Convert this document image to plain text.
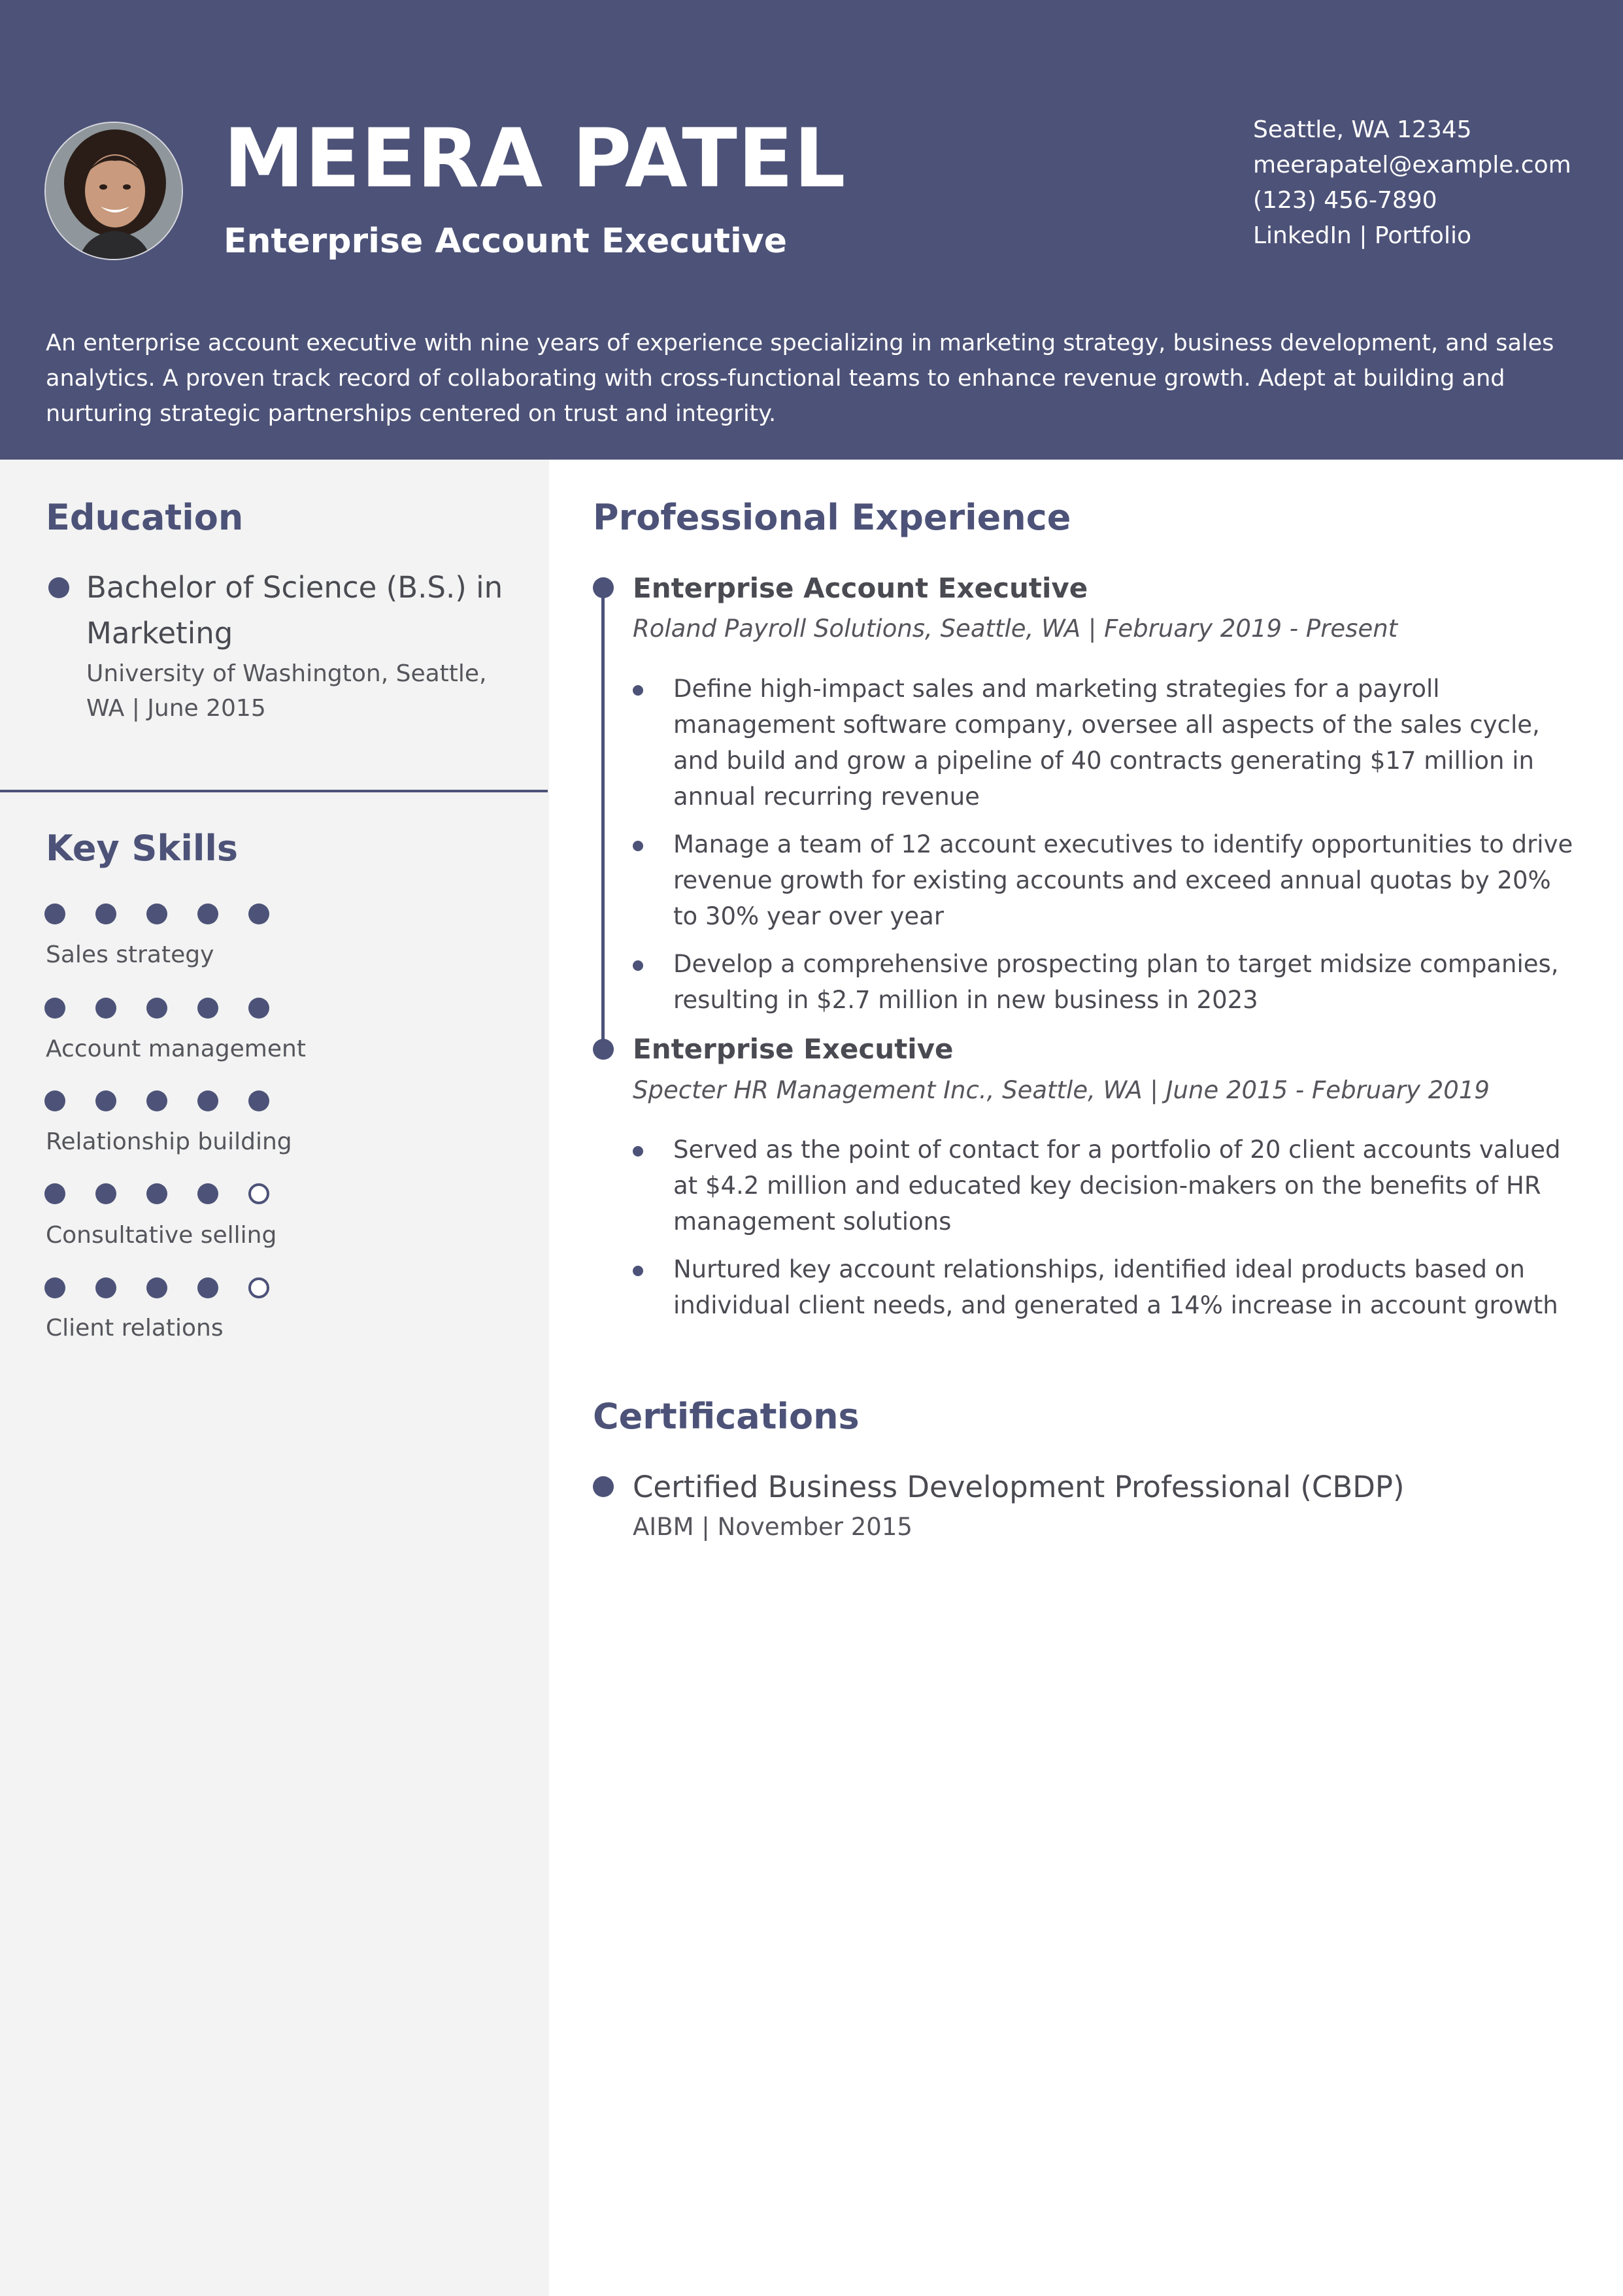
MEERA PATEL
Enterprise Account Executive
Seattle, WA 12345
meerapatel@example.com
(123) 456-7890
LinkedIn | Portfolio
An enterprise account executive with nine years of experience specializing in marketing strategy, business development, and sales analytics. A proven track record of collaborating with cross-functional teams to enhance revenue growth. Adept at building and nurturing strategic partnerships centered on trust and integrity.
Education
Bachelor of Science (B.S.) in Marketing
University of Washington, Seattle, WA | June 2015
Key Skills
Sales strategy
Account management
Relationship building
Consultative selling
Client relations
Professional Experience
Enterprise Account Executive
Roland Payroll Solutions, Seattle, WA | February 2019 - Present
Define high-impact sales and marketing strategies for a payroll management software company, oversee all aspects of the sales cycle, and build and grow a pipeline of 40 contracts generating $17 million in annual recurring revenue
Manage a team of 12 account executives to identify opportunities to drive revenue growth for existing accounts and exceed annual quotas by 20% to 30% year over year
Develop a comprehensive prospecting plan to target midsize companies, resulting in $2.7 million in new business in 2023
Enterprise Executive
Specter HR Management Inc., Seattle, WA | June 2015 - February 2019
Served as the point of contact for a portfolio of 20 client accounts valued at $4.2 million and educated key decision-makers on the benefits of HR management solutions
Nurtured key account relationships, identified ideal products based on individual client needs, and generated a 14% increase in account growth
Certifications
Certified Business Development Professional (CBDP)
AIBM | November 2015
